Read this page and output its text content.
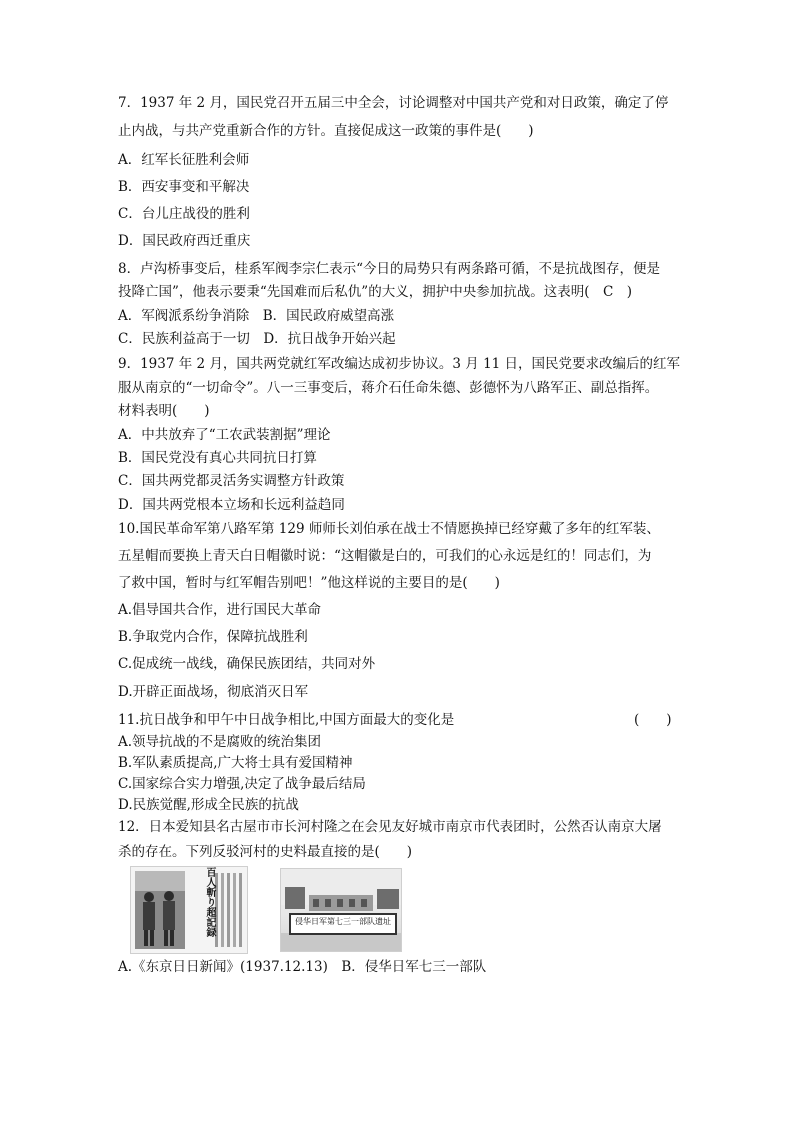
7．1937 年 2 月，国民党召开五届三中全会，讨论调整对中国共产党和对日政策，确定了停
止内战，与共产党重新合作的方针。直接促成这一政策的事件是(　　)
A．红军长征胜利会师
B．西安事变和平解决
C．台儿庄战役的胜利
D．国民政府西迁重庆
8．卢沟桥事变后，桂系军阀李宗仁表示“今日的局势只有两条路可循，不是抗战图存，便是
投降亡国”，他表示要秉“先国难而后私仇”的大义，拥护中央参加抗战。这表明(　C　)
A．军阀派系纷争消除　B．国民政府威望高涨
C．民族利益高于一切　D．抗日战争开始兴起
9．1937 年 2 月，国共两党就红军改编达成初步协议。3 月 11 日，国民党要求改编后的红军
服从南京的“一切命令”。八一三事变后，蒋介石任命朱德、彭德怀为八路军正、副总指挥。
材料表明(　　)
A．中共放弃了“工农武装割据”理论
B．国民党没有真心共同抗日打算
C．国共两党都灵活务实调整方针政策
D．国共两党根本立场和长远利益趋同
10.国民革命军第八路军第 129 师师长刘伯承在战士不情愿换掉已经穿戴了多年的红军装、
五星帽而要换上青天白日帽徽时说：“这帽徽是白的，可我们的心永远是红的！同志们，为
了救中国，暂时与红军帽告别吧！”他这样说的主要目的是(　　)
A.倡导国共合作，进行国民大革命
B.争取党内合作，保障抗战胜利
C.促成统一战线，确保民族团结，共同对外
D.开辟正面战场，彻底消灭日军
11.抗日战争和甲午中日战争相比,中国方面最大的变化是	(　　)
A.领导抗战的不是腐败的统治集团
B.军队素质提高,广大将士具有爱国精神
C.国家综合实力增强,决定了战争最后结局
D.民族觉醒,形成全民族的抗战
12．日本爱知县名古屋市市长河村隆之在会见友好城市南京市代表团时，公然否认南京大屠
杀的存在。下列反驳河村的史料最直接的是(　　)
百人斬り超記録	侵华日军第七三一部队遗址
A.《东京日日新闻》(1937.12.13)　B．侵华日军七三一部队
